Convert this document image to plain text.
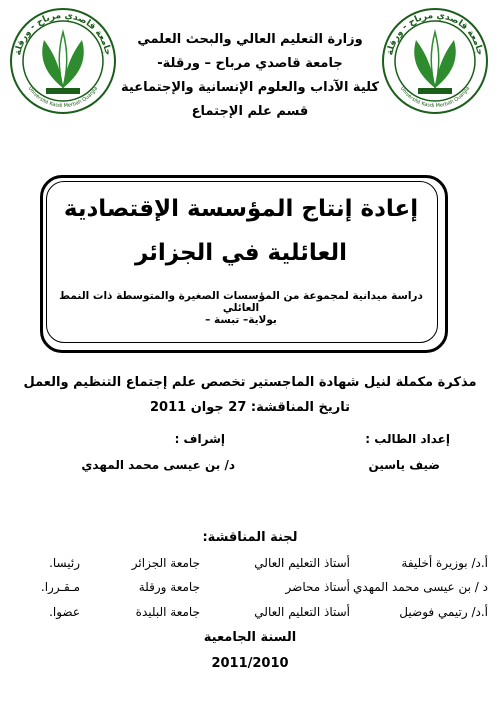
جامعة قاصدي مرباح - ورقلة
Université Kasdi Merbah Ouargla
جامعة قاصدي مرباح - ورقلة
Université Kasdi Merbah Ouargla
وزارة التعليم العالي والبحث العلمي
جامعة قاصدي مرباح – ورقلة-
كلية الآداب والعلوم الإنسانية والإجتماعية
قسم علم الإجتماع
إعادة إنتاج المؤسسة الإقتصادية
العائلية في الجزائر
دراسة ميدانية لمجموعة من المؤسسات الصغيرة والمتوسطة ذات النمط العائلي
بولاية– تبسة –
مذكرة مكملة لنيل شهادة الماجستير تخصص علم إجتماع التنظيم والعمل
تاريخ المناقشة: 27 جوان 2011
إعداد الطالب :
إشراف :
ضيف ياسين
د/ بن عيسى محمد المهدي
لجنة المناقشة:
أ.د/ بوزيرة أخليفة
أستاذ التعليم العالي
جامعة الجزائر
رئيسا.
د / بن عيسى محمد المهدي
أستاذ محاضر
جامعة ورقلة
مـقـررا.
أ.د/ رتيمي فوضيل
أستاذ التعليم العالي
جامعة البليدة
عضوا.
السنة الجامعية
2011/2010
